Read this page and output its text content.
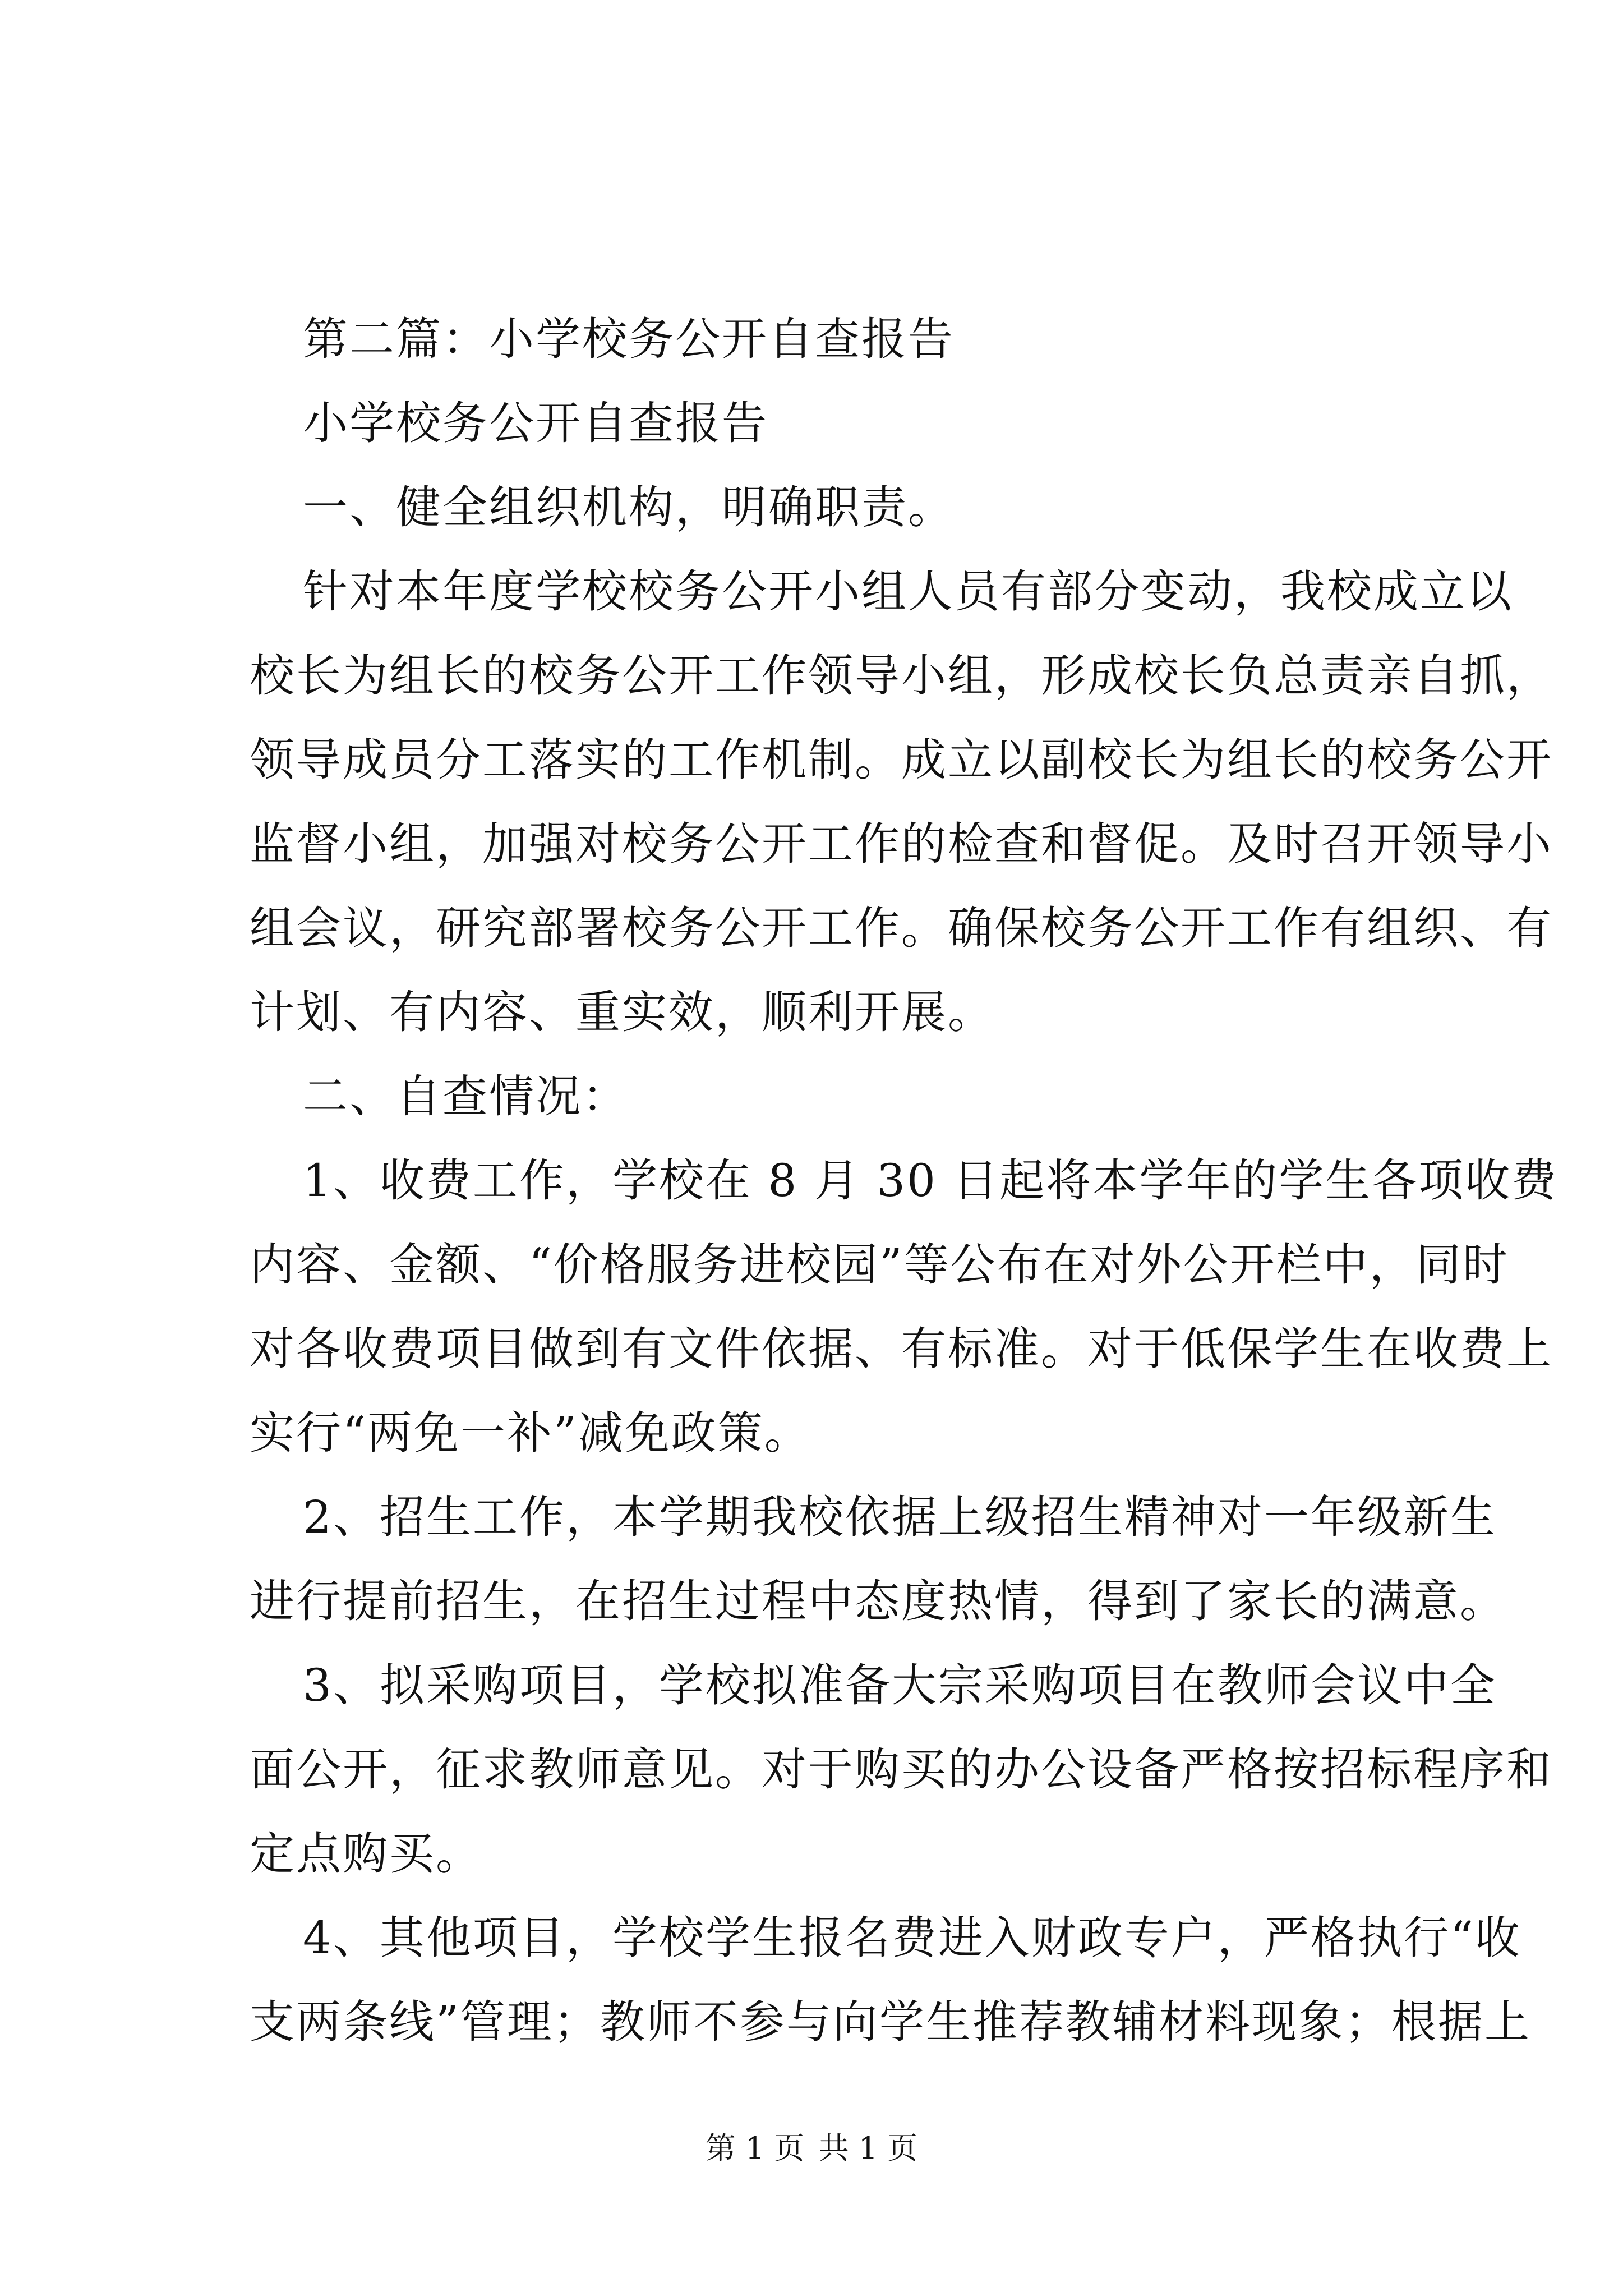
第二篇：小学校务公开自查报告
小学校务公开自查报告
一、健全组织机构，明确职责。
针对本年度学校校务公开小组人员有部分变动，我校成立以
校长为组长的校务公开工作领导小组，形成校长负总责亲自抓，
领导成员分工落实的工作机制。成立以副校长为组长的校务公开
监督小组，加强对校务公开工作的检查和督促。及时召开领导小
组会议，研究部署校务公开工作。确保校务公开工作有组织、有
计划、有内容、重实效，顺利开展。
二、自查情况：
1、收费工作，学校在 8 月 30 日起将本学年的学生各项收费
内容、金额、“价格服务进校园”等公布在对外公开栏中，同时
对各收费项目做到有文件依据、有标准。对于低保学生在收费上
实行“两免一补”减免政策。
2、招生工作，本学期我校依据上级招生精神对一年级新生
进行提前招生，在招生过程中态度热情，得到了家长的满意。
3、拟采购项目，学校拟准备大宗采购项目在教师会议中全
面公开，征求教师意见。对于购买的办公设备严格按招标程序和
定点购买。
4、其他项目，学校学生报名费进入财政专户，严格执行“收
支两条线”管理；教师不参与向学生推荐教辅材料现象；根据上
第 1 页 共 1 页
